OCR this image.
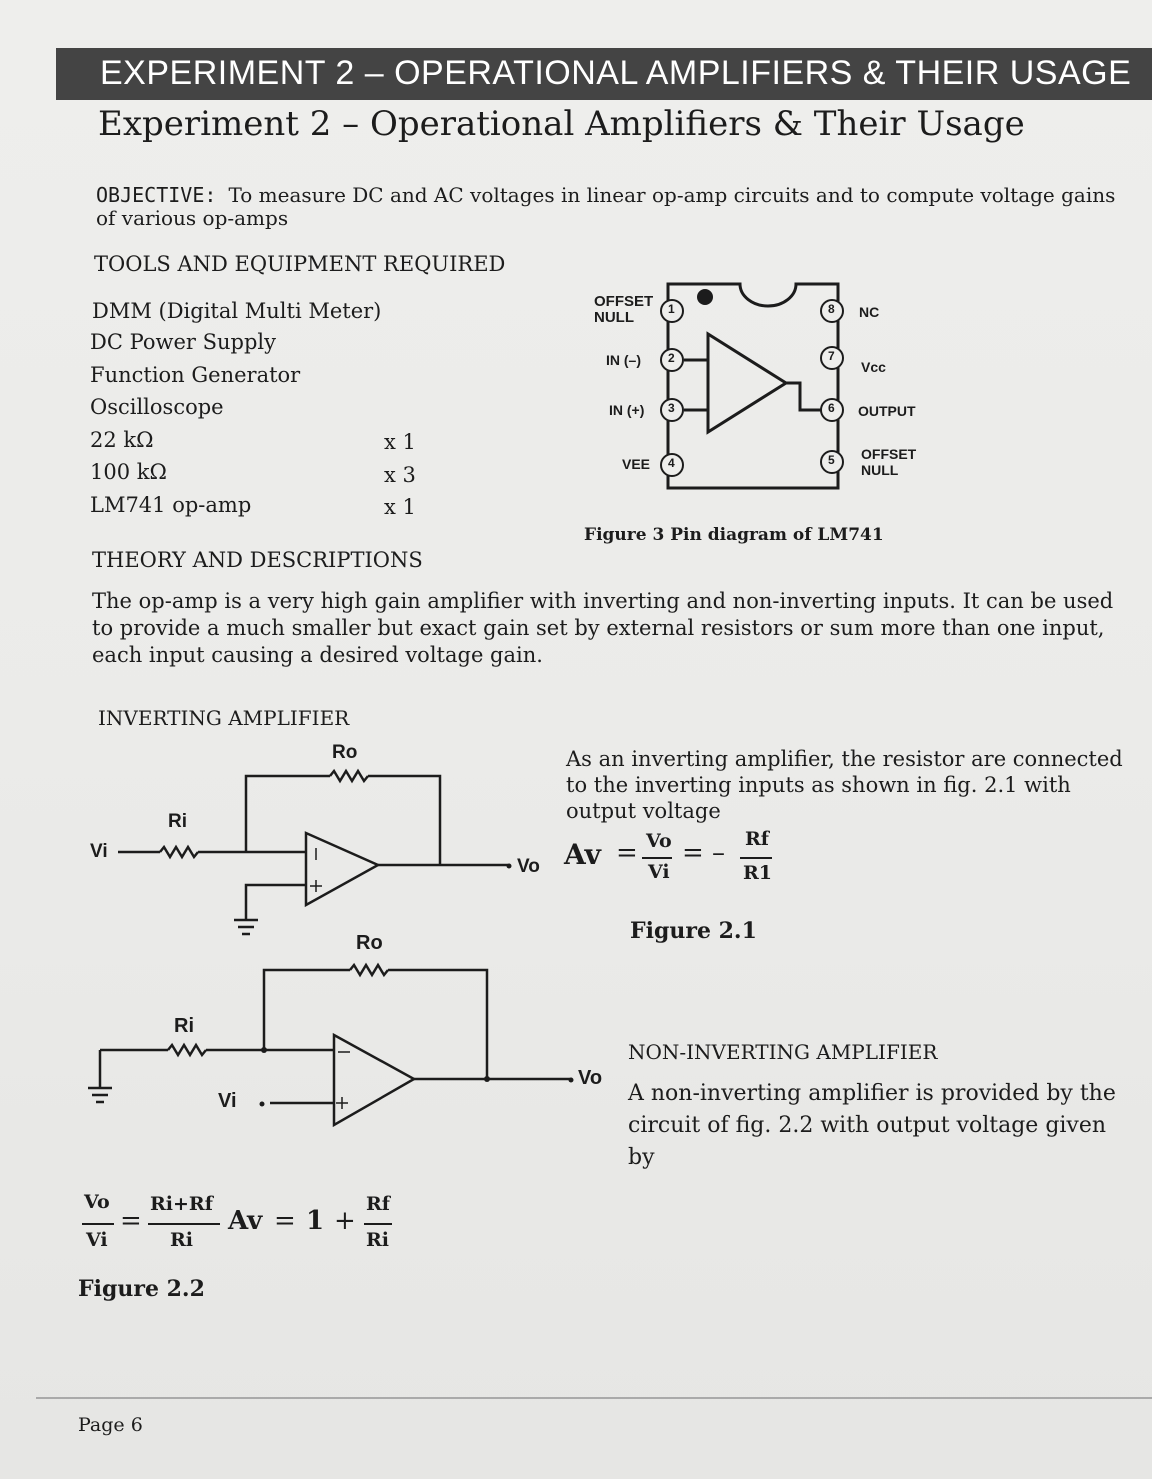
EXPERIMENT 2 – OPERATIONAL AMPLIFIERS & THEIR USAGE
Experiment 2 – Operational Amplifiers & Their Usage
OBJECTIVE: To measure DC and AC voltages in linear op-amp circuits and to compute voltage gains of various op-amps
TOOLS AND EQUIPMENT REQUIRED
DMM (Digital Multi Meter)
DC Power Supply
Function Generator
Oscilloscope
22 kΩ
100 kΩ
LM741 op-amp
x 1
x 3
x 1
OFFSET
NULL
IN (–)
IN (+)
VEE
NC
Vcc
OUTPUT
OFFSET
NULL
1
2
3
4
8
7
6
5
Figure 3 Pin diagram of LM741
THEORY AND DESCRIPTIONS
The op-amp is a very high gain amplifier with inverting and non-inverting inputs. It can be used to provide a much smaller but exact gain set by external resistors or sum more than one input, each input causing a desired voltage gain.
INVERTING AMPLIFIER
Ro
Ri
Vi
Vo
As an inverting amplifier, the resistor are connected to the inverting inputs as shown in fig. 2.1 with output voltage
Av = Vo
Vi
= – Rf
R1
Figure 2.1
Ro
Ri
Vi
Vo
NON-INVERTING AMPLIFIER
A non-inverting amplifier is provided by the circuit of fig. 2.2 with output voltage given by
Vo
Vi
=
Ri+Rf
Ri
Av = 1 +
Rf
Ri
Figure 2.2
Page 6
